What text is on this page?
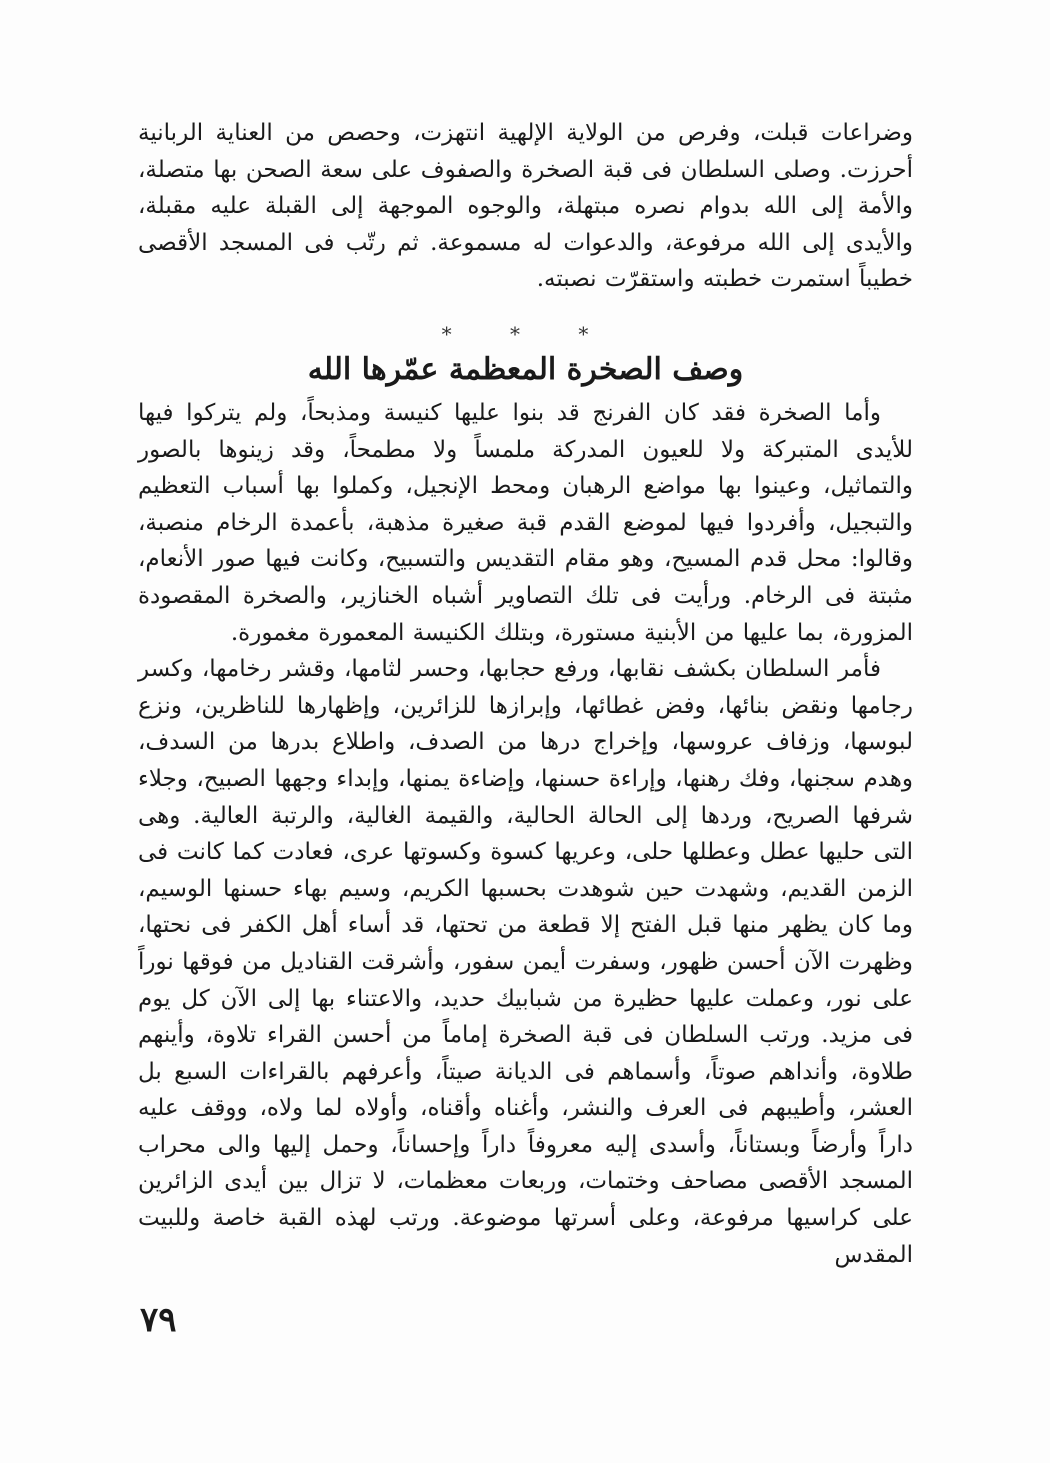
وضراعات قبلت، وفرص من الولاية الإلهية انتهزت، وحصص من العناية الربانية أحرزت. وصلى السلطان فى قبة الصخرة والصفوف على سعة الصحن بها متصلة، والأمة إلى الله بدوام نصره مبتهلة، والوجوه الموجهة إلى القبلة عليه مقبلة، والأيدى إلى الله مرفوعة، والدعوات له مسموعة. ثم رتّب فى المسجد الأقصى خطيباً استمرت خطبته واستقرّت نصبته.

* * *
وصف الصخرة المعظمة عمّرها الله

وأما الصخرة فقد كان الفرنج قد بنوا عليها كنيسة ومذبحاً، ولم يتركوا فيها للأيدى المتبركة ولا للعيون المدركة ملمساً ولا مطمحاً، وقد زينوها بالصور والتماثيل، وعينوا بها مواضع الرهبان ومحط الإنجيل، وكملوا بها أسباب التعظيم والتبجيل، وأفردوا فيها لموضع القدم قبة صغيرة مذهبة، بأعمدة الرخام منصبة، وقالوا: محل قدم المسيح، وهو مقام التقديس والتسبيح، وكانت فيها صور الأنعام، مثبتة فى الرخام. ورأيت فى تلك التصاوير أشباه الخنازير، والصخرة المقصودة المزورة، بما عليها من الأبنية مستورة، وبتلك الكنيسة المعمورة مغمورة.

فأمر السلطان بكشف نقابها، ورفع حجابها، وحسر لثامها، وقشر رخامها، وكسر رجامها ونقض بنائها، وفض غطائها، وإبرازها للزائرين، وإظهارها للناظرين، ونزع لبوسها، وزفاف عروسها، وإخراج درها من الصدف، واطلاع بدرها من السدف، وهدم سجنها، وفك رهنها، وإراءة حسنها، وإضاءة يمنها، وإبداء وجهها الصبيح، وجلاء شرفها الصريح، وردها إلى الحالة الحالية، والقيمة الغالية، والرتبة العالية. وهى التى حليها عطل وعطلها حلى، وعريها كسوة وكسوتها عرى، فعادت كما كانت فى الزمن القديم، وشهدت حين شوهدت بحسبها الكريم، وسيم بهاء حسنها الوسيم، وما كان يظهر منها قبل الفتح إلا قطعة من تحتها، قد أساء أهل الكفر فى نحتها، وظهرت الآن أحسن ظهور، وسفرت أيمن سفور، وأشرقت القناديل من فوقها نوراً على نور، وعملت عليها حظيرة من شبابيك حديد، والاعتناء بها إلى الآن كل يوم فى مزيد. ورتب السلطان فى قبة الصخرة إماماً من أحسن القراء تلاوة، وأينهم طلاوة، وأنداهم صوتاً، وأسماهم فى الديانة صيتاً، وأعرفهم بالقراءات السبع بل العشر، وأطيبهم فى العرف والنشر، وأغناه وأقناه، وأولاه لما ولاه، ووقف عليه داراً وأرضاً وبستاناً، وأسدى إليه معروفاً داراً وإحساناً، وحمل إليها والى محراب المسجد الأقصى مصاحف وختمات، وربعات معظمات، لا تزال بين أيدى الزائرين على كراسيها مرفوعة، وعلى أسرتها موضوعة. ورتب لهذه القبة خاصة وللبيت المقدس

٧٩
